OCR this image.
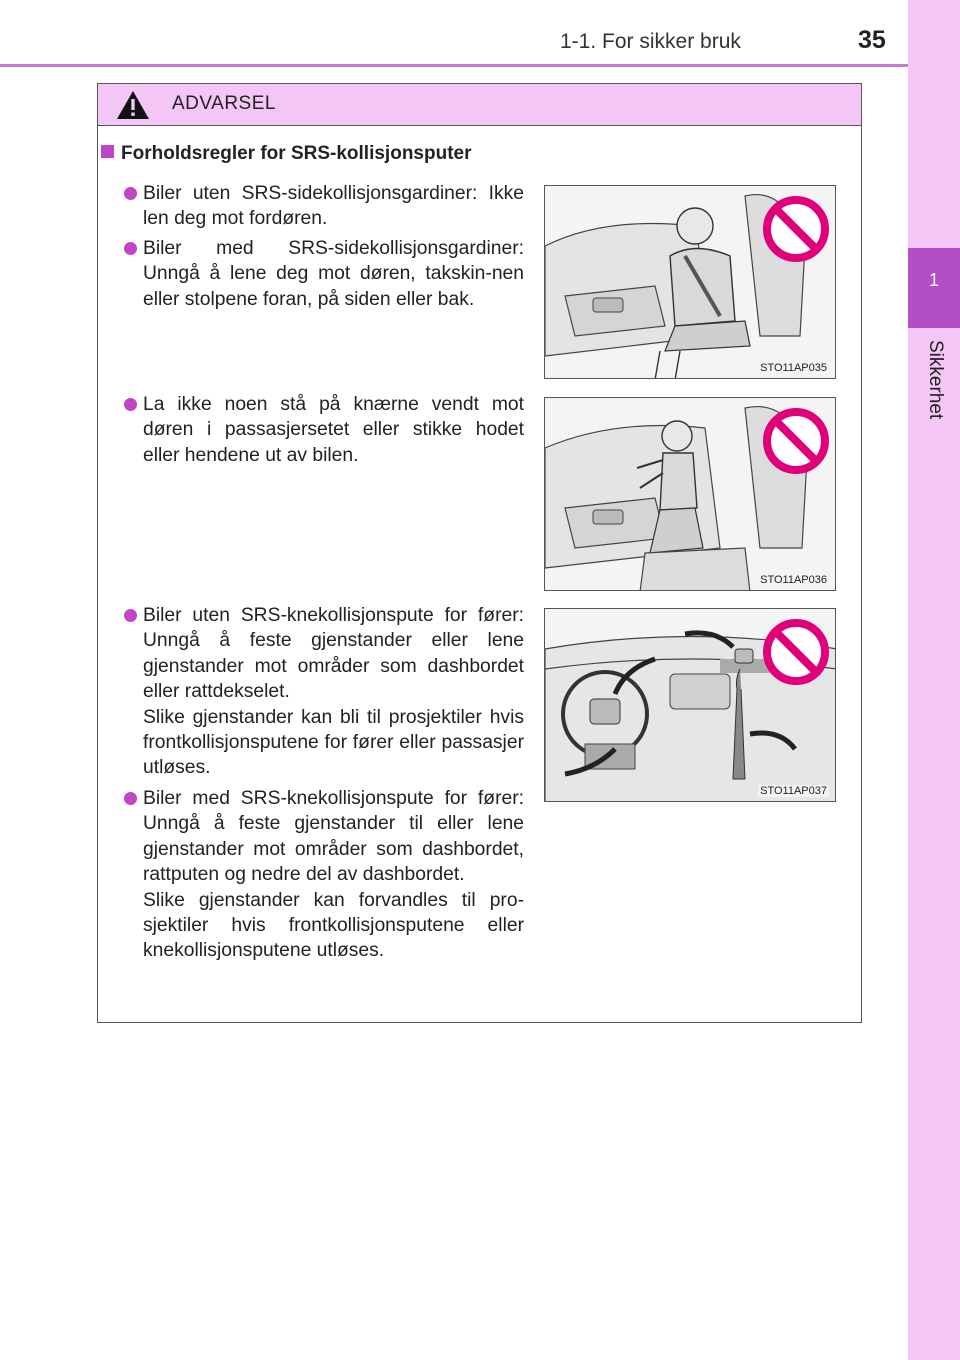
1-1. For sikker bruk	35
1
Sikkerhet
ADVARSEL
Forholdsregler for SRS-kollisjonsputer
Biler uten SRS-sidekollisjonsgardiner: Ikke len deg mot fordøren.
Biler med SRS-sidekollisjonsgardiner: Unngå å lene deg mot døren, takskin-nen eller stolpene foran, på siden eller bak.
La ikke noen stå på knærne vendt mot døren i passasjersetet eller stikke hodet eller hendene ut av bilen.
Biler uten SRS-knekollisjonspute for fører: Unngå å feste gjenstander eller lene gjenstander mot områder som dashbordet eller rattdekselet.
Slike gjenstander kan bli til prosjektiler hvis frontkollisjonsputene for fører eller passasjer utløses.
Biler med SRS-knekollisjonspute for fører: Unngå å feste gjenstander til eller lene gjenstander mot områder som dashbordet, rattputen og nedre del av dashbordet.
Slike gjenstander kan forvandles til pro-sjektiler hvis frontkollisjonsputene eller knekollisjonsputene utløses.
STO11AP035
STO11AP036
STO11AP037
